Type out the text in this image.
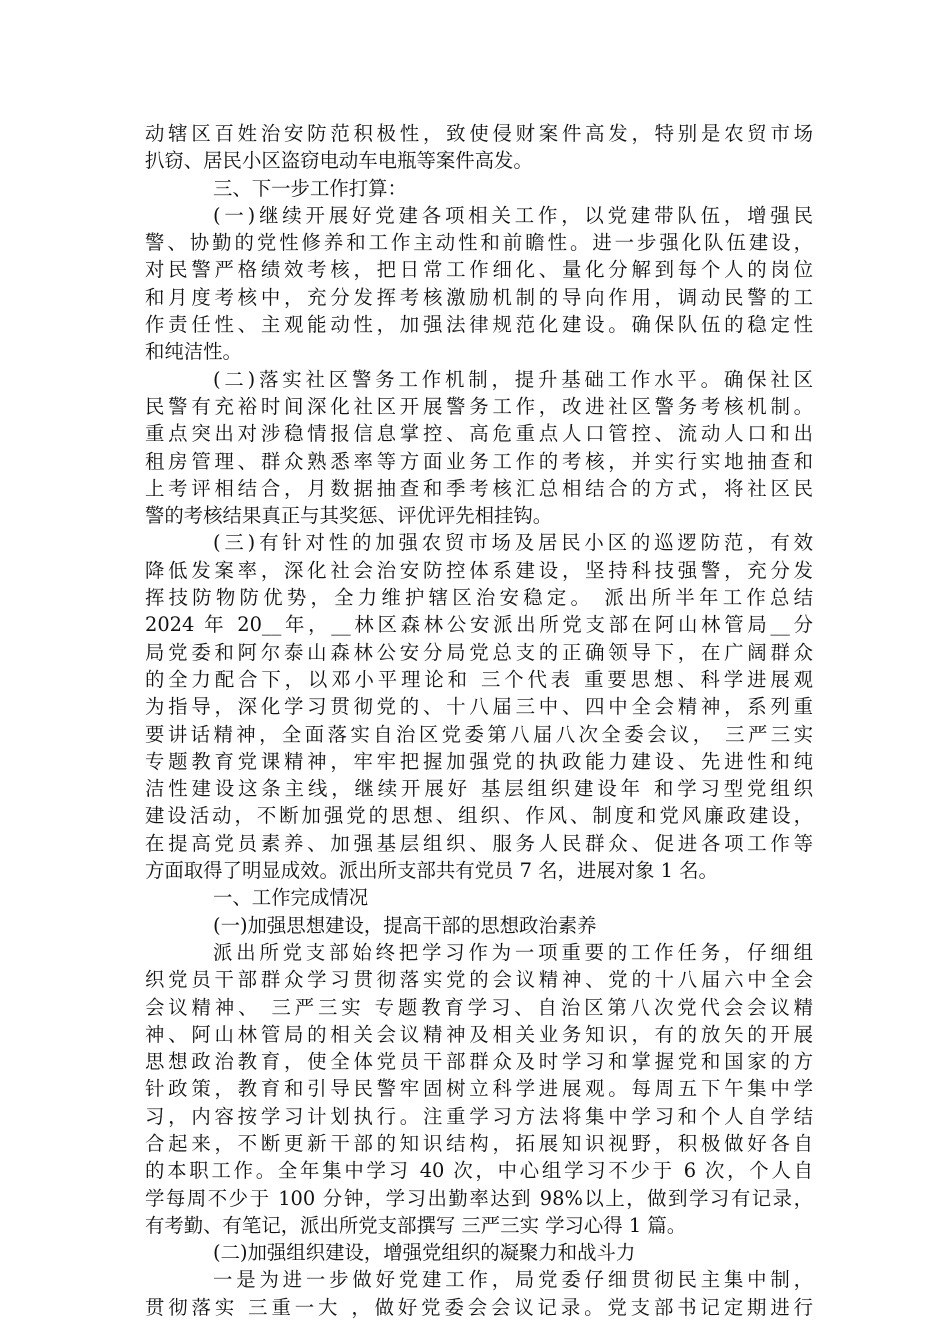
动辖区百姓治安防范积极性，致使侵财案件高发，特别是农贸市场
扒窃、居民小区盗窃电动车电瓶等案件高发。
三、下一步工作打算：
(一)继续开展好党建各项相关工作，以党建带队伍，增强民
警、协勤的党性修养和工作主动性和前瞻性。进一步强化队伍建设，
对民警严格绩效考核，把日常工作细化、量化分解到每个人的岗位
和月度考核中，充分发挥考核激励机制的导向作用，调动民警的工
作责任性、主观能动性，加强法律规范化建设。确保队伍的稳定性
和纯洁性。
(二)落实社区警务工作机制，提升基础工作水平。确保社区
民警有充裕时间深化社区开展警务工作，改进社区警务考核机制。
重点突出对涉稳情报信息掌控、高危重点人口管控、流动人口和出
租房管理、群众熟悉率等方面业务工作的考核，并实行实地抽查和
上考评相结合，月数据抽查和季考核汇总相结合的方式，将社区民
警的考核结果真正与其奖惩、评优评先相挂钩。
(三)有针对性的加强农贸市场及居民小区的巡逻防范，有效
降低发案率，深化社会治安防控体系建设，坚持科技强警，充分发
挥技防物防优势，全力维护辖区治安稳定。 派出所半年工作总结
2024 年 20__年，__林区森林公安派出所党支部在阿山林管局__分
局党委和阿尔泰山森林公安分局党总支的正确领导下，在广阔群众
的全力配合下，以邓小平理论和 三个代表 重要思想、科学进展观
为指导，深化学习贯彻党的、十八届三中、四中全会精神，系列重
要讲话精神，全面落实自治区党委第八届八次全委会议， 三严三实
专题教育党课精神，牢牢把握加强党的执政能力建设、先进性和纯
洁性建设这条主线，继续开展好 基层组织建设年 和学习型党组织
建设活动，不断加强党的思想、组织、作风、制度和党风廉政建设，
在提高党员素养、加强基层组织、服务人民群众、促进各项工作等
方面取得了明显成效。派出所支部共有党员 7 名，进展对象 1 名。
一、工作完成情况
(一)加强思想建设，提高干部的思想政治素养
派出所党支部始终把学习作为一项重要的工作任务，仔细组
织党员干部群众学习贯彻落实党的会议精神、党的十八届六中全会
会议精神、 三严三实 专题教育学习、自治区第八次党代会会议精
神、阿山林管局的相关会议精神及相关业务知识，有的放矢的开展
思想政治教育，使全体党员干部群众及时学习和掌握党和国家的方
针政策，教育和引导民警牢固树立科学进展观。每周五下午集中学
习，内容按学习计划执行。注重学习方法将集中学习和个人自学结
合起来，不断更新干部的知识结构，拓展知识视野，积极做好各自
的本职工作。全年集中学习 40 次，中心组学习不少于 6 次，个人自
学每周不少于 100 分钟，学习出勤率达到 98%以上，做到学习有记录，
有考勤、有笔记，派出所党支部撰写 三严三实 学习心得 1 篇。
(二)加强组织建设，增强党组织的凝聚力和战斗力
一是为进一步做好党建工作，局党委仔细贯彻民主集中制，
贯彻落实 三重一大 ，做好党委会会议记录。党支部书记定期进行
